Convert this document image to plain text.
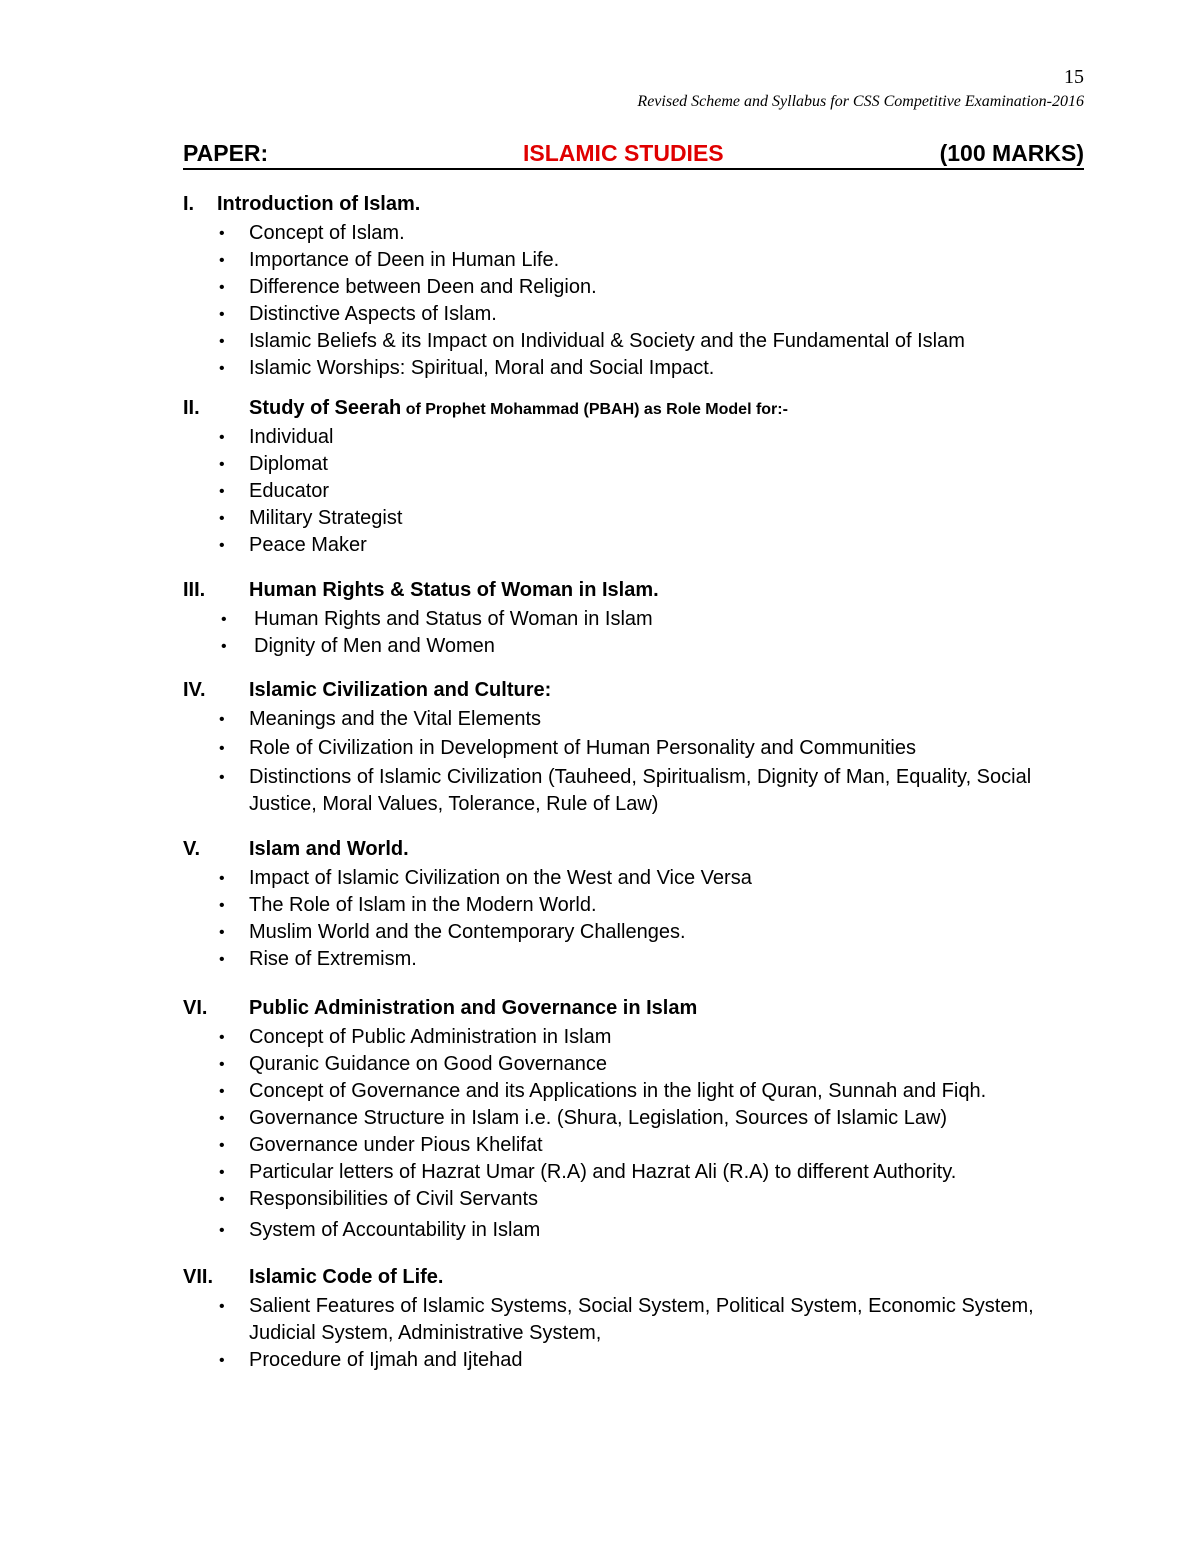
15
Revised Scheme and Syllabus for CSS Competitive Examination-2016
PAPER:	ISLAMIC STUDIES	(100 MARKS)
I. Introduction of Islam.
• Concept of Islam.
• Importance of Deen in Human Life.
• Difference between Deen and Religion.
• Distinctive Aspects of Islam.
• Islamic Beliefs & its Impact on Individual & Society and the Fundamental of Islam
• Islamic Worships: Spiritual, Moral and Social Impact.
II. Study of Seerah of Prophet Mohammad (PBAH) as Role Model for:-
• Individual
• Diplomat
• Educator
• Military Strategist
• Peace Maker
III. Human Rights & Status of Woman in Islam.
• Human Rights and Status of Woman in Islam
• Dignity of Men and Women
IV. Islamic Civilization and Culture:
• Meanings and the Vital Elements
• Role of Civilization in Development of Human Personality and Communities
• Distinctions of Islamic Civilization (Tauheed, Spiritualism, Dignity of Man, Equality, Social Justice, Moral Values, Tolerance, Rule of Law)
V. Islam and World.
• Impact of Islamic Civilization on the West and Vice Versa
• The Role of Islam in the Modern World.
• Muslim World and the Contemporary Challenges.
• Rise of Extremism.
VI. Public Administration and Governance in Islam
• Concept of Public Administration in Islam
• Quranic Guidance on Good Governance
• Concept of Governance and its Applications in the light of Quran, Sunnah and Fiqh.
• Governance Structure in Islam i.e. (Shura, Legislation, Sources of Islamic Law)
• Governance under Pious Khelifat
• Particular letters of Hazrat Umar (R.A) and Hazrat Ali (R.A) to different Authority.
• Responsibilities of Civil Servants
• System of Accountability in Islam
VII. Islamic Code of Life.
• Salient Features of Islamic Systems, Social System, Political System, Economic System, Judicial System, Administrative System,
• Procedure of Ijmah and Ijtehad
